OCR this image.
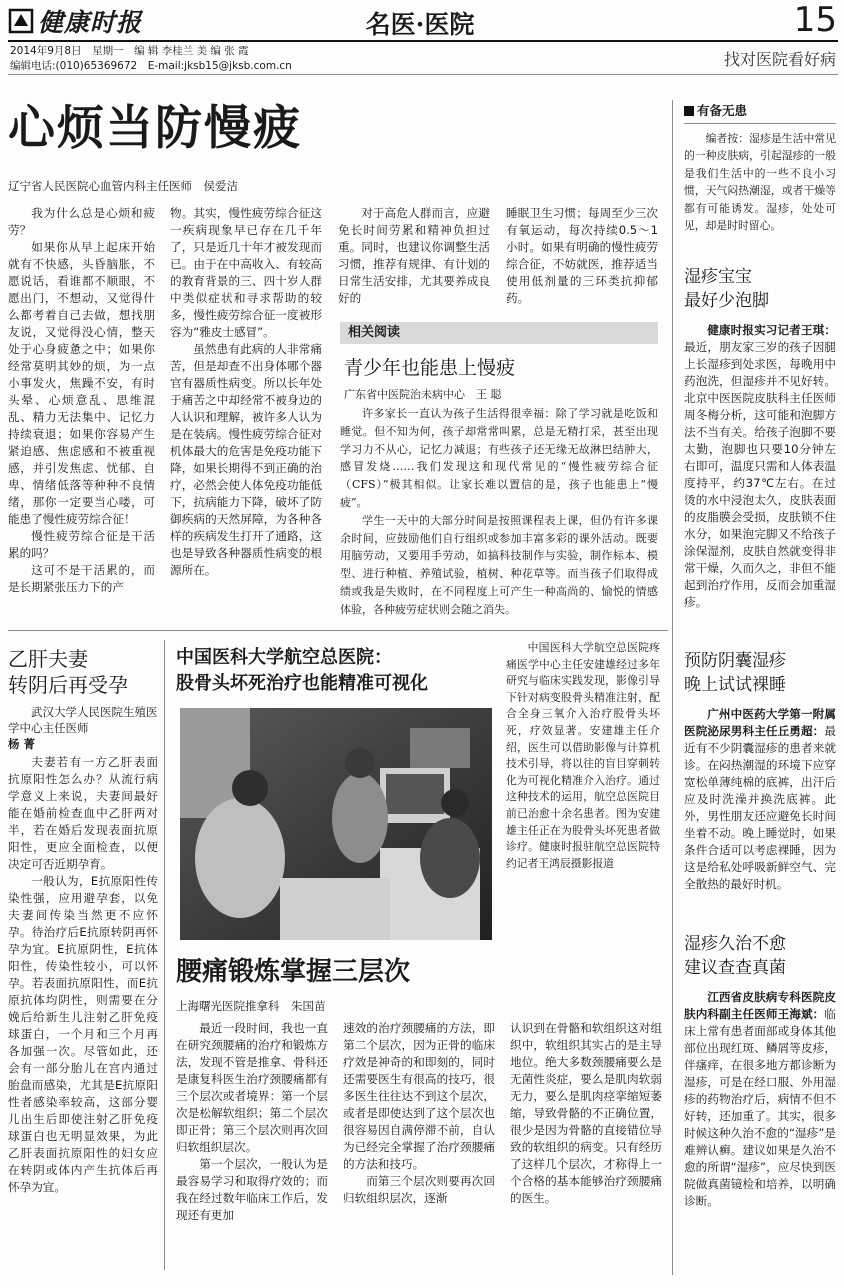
健康时报	名医·医院	15
2014年9月8日　星期一　编 辑 李桂兰 美 编 张 霞
编辑电话:(010)65369672　E-mail:jksb15@jksb.com.cn	找对医院看好病
心烦当防慢疲
辽宁省人民医院心血管内科主任医师　侯爱洁

我为什么总是心烦和疲劳？

如果你从早上起床开始就有不快感，头昏脑胀，不愿说话，看谁都不顺眼，不愿出门，不想动，又觉得什么都考着自己去做，想找朋友说，又觉得没心情，整天处于心身疲惫之中；如果你经常莫明其妙的烦，为一点小事发火，焦躁不安，有时头晕、心烦意乱、思维混乱、精力无法集中、记忆力持续衰退；如果你容易产生紧迫感、焦虑感和不被重视感，并引发焦虑、忧郁、自卑、情绪低落等种种不良情绪，那你一定要当心喽，可能患了慢性疲劳综合征！

慢性疲劳综合征是干活累的吗？

这可不是干活累的，而是长期紧张压力下的产

物。其实，慢性疲劳综合征这一疾病现象早已存在几千年了，只是近几十年才被发现而已。由于在中高收入、有较高的教育背景的三、四十岁人群中类似症状和寻求帮助的较多，慢性疲劳综合征一度被形容为“雅皮士感冒”。

虽然患有此病的人非常痛苦，但是却查不出身体哪个器官有器质性病变。所以长年处于痛苦之中却经常不被身边的人认识和理解，被许多人认为是在装病。慢性疲劳综合征对机体最大的危害是免疫功能下降，如果长期得不到正确的治疗，必然会使人体免疫功能低下，抗病能力下降，破坏了防御疾病的天然屏障，为各种各样的疾病发生打开了通路，这也是导致各种器质性病变的根源所在。

对于高危人群而言，应避免长时间劳累和精神负担过重。同时，也建议你调整生活习惯，推荐有规律、有计划的日常生活安排，尤其要养成良好的

睡眠卫生习惯；每周至少三次有氧运动，每次持续0.5～1小时。如果有明确的慢性疲劳综合征，不妨就医，推荐适当使用低剂量的三环类抗抑郁药。

相关阅读
青少年也能患上慢疲
广东省中医院治未病中心　王 聪

许多家长一直认为孩子生活得很幸福：除了学习就是吃饭和睡觉。但不知为何，孩子却常常叫累，总是无精打采，甚至出现学习力不从心，记忆力减退；有些孩子还无缘无故淋巴结肿大，感冒发烧……我们发现这和现代常见的“慢性疲劳综合征（CFS）”极其相似。让家长难以置信的是，孩子也能患上“慢疲”。

学生一天中的大部分时间是按照课程表上课，但仍有许多课余时间，应鼓励他们自行组织或参加丰富多彩的课外活动。既要用脑劳动，又要用手劳动，如搞科技制作与实验，制作标本、模型、进行种植、养殖试验，植树、种花草等。而当孩子们取得成绩或我是失败时，在不同程度上可产生一种高尚的、愉悦的情感体验，各种疲劳症状则会随之消失。

乙肝夫妻
转阴后再受孕
武汉大学人民医院生殖医学中心主任医师
杨 菁

夫妻若有一方乙肝表面抗原阳性怎么办？从流行病学意义上来说，夫妻间最好能在婚前检查血中乙肝两对半，若在婚后发现表面抗原阳性，更应全面检查，以便决定可否近期孕育。

一般认为，E抗原阳性传染性强，应用避孕套，以免夫妻间传染当然更不应怀孕。待治疗后E抗原转阴再怀孕为宜。E抗原阴性，E抗体阳性，传染性较小，可以怀孕。若表面抗原阳性，而E抗原抗体均阴性，则需要在分娩后给新生儿注射乙肝免疫球蛋白，一个月和三个月再各加强一次。尽管如此，还会有一部分胎儿在宫内通过胎盘而感染，尤其是E抗原阳性者感染率较高，这部分婴儿出生后即使注射乙肝免疫球蛋白也无明显效果，为此乙肝表面抗原阳性的妇女应在转阴或体内产生抗体后再怀孕为宜。

中国医科大学航空总医院：
股骨头坏死治疗也能精准可视化

中国医科大学航空总医院疼痛医学中心主任安建雄经过多年研究与临床实践发现，影像引导下针对病变股骨头精准注射，配合全身三氧介入治疗股骨头坏死，疗效显著。安建雄主任介绍，医生可以借助影像与计算机技术引导，将以往的盲目穿刺转化为可视化精准介入治疗。通过这种技术的运用，航空总医院目前已治愈十余名患者。图为安建雄主任正在为股骨头坏死患者做诊疗。健康时报驻航空总医院特约记者王鸿辰摄影报道

腰痛锻炼掌握三层次
上海曙光医院推拿科　朱国苗

最近一段时间，我也一直在研究颈腰痛的治疗和锻炼方法，发现不管是推拿、骨科还是康复科医生治疗颈腰痛都有三个层次或者境界：第一个层次是松解软组织；第二个层次即正骨；第三个层次则再次回归软组织层次。

第一个层次，一般认为是最容易学习和取得疗效的；而我在经过数年临床工作后，发现还有更加

速效的治疗颈腰痛的方法，即第二个层次，因为正骨的临床疗效是神奇的和即刻的，同时还需要医生有很高的技巧，很多医生往往达不到这个层次，或者是即使达到了这个层次也很容易因自满停滞不前，自认为已经完全掌握了治疗颈腰痛的方法和技巧。

而第三个层次则要再次回归软组织层次，逐渐

认识到在骨骼和软组织这对组织中，软组织其实占的是主导地位。绝大多数颈腰痛要么是无菌性炎症，要么是肌肉软弱无力，要么是肌肉痉挛缩短萎缩，导致骨骼的不正确位置，很少是因为骨骼的直接错位导致的软组织的病变。只有经历了这样几个层次，才称得上一个合格的基本能够治疗颈腰痛的医生。

有备无患

编者按：湿疹是生活中常见的一种皮肤病，引起湿疹的一般是我们生活中的一些不良小习惯，天气闷热潮湿，或者干燥等都有可能诱发。湿疹，处处可见，却是时时留心。

湿疹宝宝
最好少泡脚

健康时报实习记者王琪：最近，朋友家三岁的孩子因腿上长湿疹到处求医，每晚用中药泡洗，但湿疹并不见好转。北京中医医院皮肤科主任医师周冬梅分析，这可能和泡脚方法不当有关。给孩子泡脚不要太勤，泡脚也只要10分钟左右即可，温度只需和人体表温度持平，约37℃左右。在过烫的水中浸泡太久，皮肤表面的皮脂膜会受损，皮肤锁不住水分，如果泡完脚又不给孩子涂保湿剂，皮肤自然就变得非常干燥，久而久之，非但不能起到治疗作用，反而会加重湿疹。

预防阴囊湿疹
晚上试试裸睡

广州中医药大学第一附属医院泌尿男科主任丘勇超：最近有不少阴囊湿疹的患者来就诊。在闷热潮湿的环境下应穿宽松单薄纯棉的底裤，出汗后应及时洗澡并换洗底裤。此外，男性朋友还应避免长时间坐着不动。晚上睡觉时，如果条件合适可以考虑裸睡，因为这是给私处呼吸新鲜空气、完全散热的最好时机。

湿疹久治不愈
建议查查真菌

江西省皮肤病专科医院皮肤内科副主任医师王海斌：临床上常有患者面部或身体其他部位出现红斑、鳞屑等皮疹，伴瘙痒，在很多地方都诊断为湿疹，可是在经口服、外用湿疹的药物治疗后，病情不但不好转，还加重了。其实，很多时候这种久治不愈的“湿疹”是难辨认癣。建议如果是久治不愈的所谓“湿疹”，应尽快到医院做真菌镜检和培养，以明确诊断。
